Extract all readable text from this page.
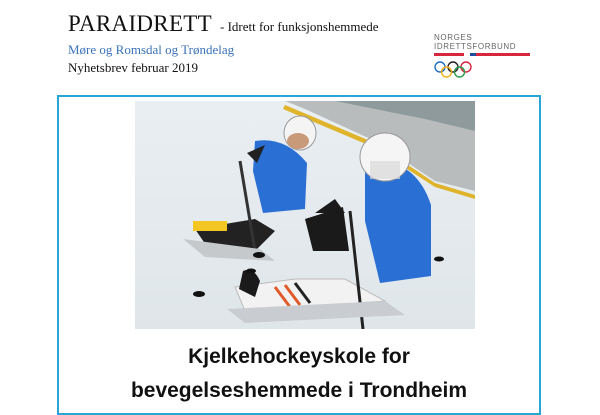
PARAIDRETT - Idrett for funksjonshemmede
Møre og Romsdal og Trøndelag
Nyhetsbrev februar 2019
NORGES
IDRETTSFORBUND
Kjelkehockeyskole for
bevegelseshemmede i Trondheim
